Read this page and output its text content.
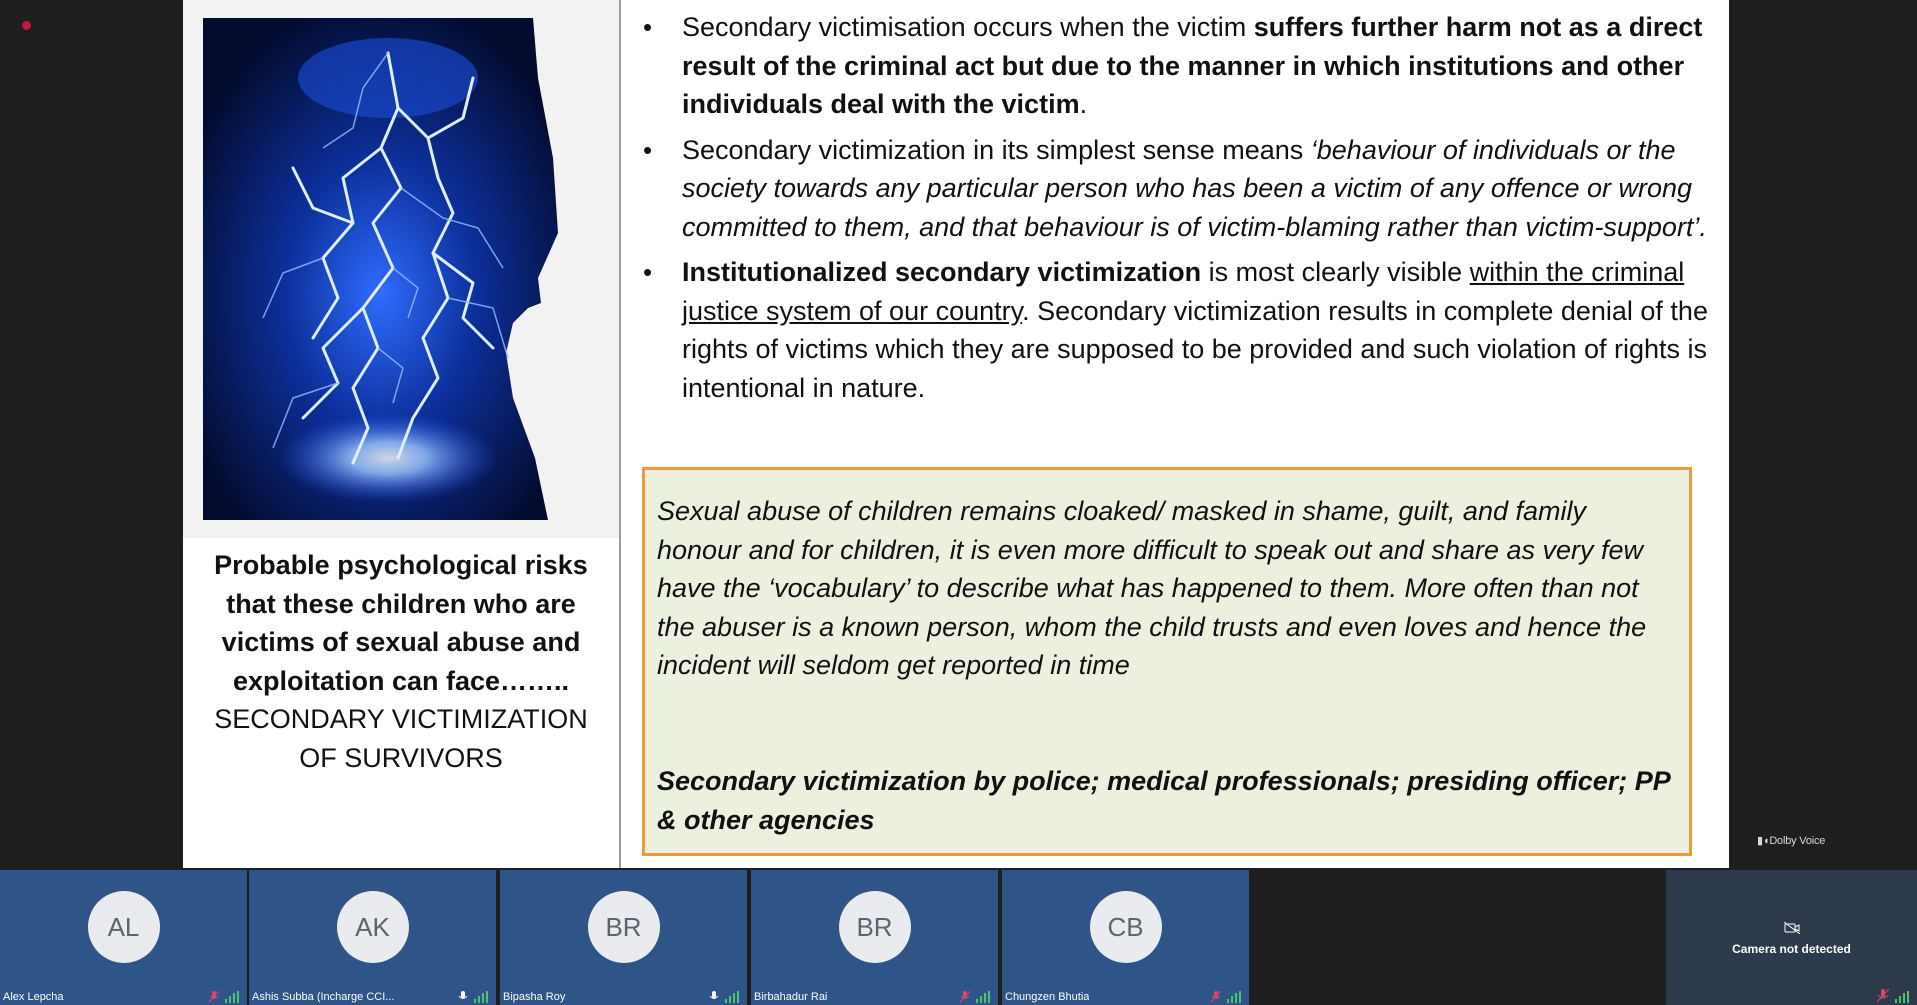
Probable psychological risks that these children who are victims of sexual abuse and exploitation can face……..
SECONDARY VICTIMIZATION OF SURVIVORS
• Secondary victimisation occurs when the victim suffers further harm not as a direct result of the criminal act but due to the manner in which institutions and other individuals deal with the victim.
• Secondary victimization in its simplest sense means ‘behaviour of individuals or the society towards any particular person who has been a victim of any offence or wrong committed to them, and that behaviour is of victim-blaming rather than victim-support’.
• Institutionalized secondary victimization is most clearly visible within the criminal justice system of our country. Secondary victimization results in complete denial of the rights of victims which they are supposed to be provided and such violation of rights is intentional in nature.

Sexual abuse of children remains cloaked/ masked in shame, guilt, and family honour and for children, it is even more difficult to speak out and share as very few have the ‘vocabulary’ to describe what has happened to them. More often than not the abuser is a known person, whom the child trusts and even loves and hence the incident will seldom get reported in time

Secondary victimization by police; medical professionals; presiding officer; PP & other agencies
▮◖Dolby Voice
AL
Alex Lepcha
AK
Ashis Subba (Incharge CCI...
BR
Bipasha Roy
BR
Birbahadur Rai
CB
Chungzen Bhutia
Camera not detected
